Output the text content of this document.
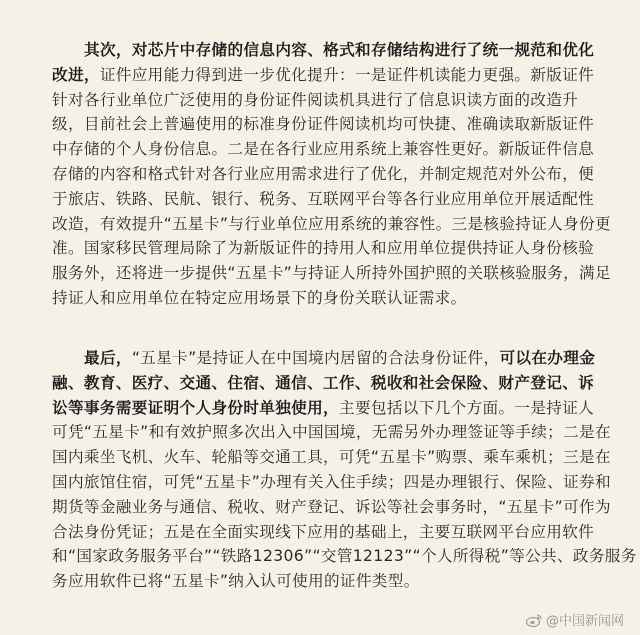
其次，对芯片中存储的信息内容、格式和存储结构进行了统一规范和优化
改进，证件应用能力得到进一步优化提升：一是证件机读能力更强。新版证件
针对各行业单位广泛使用的身份证件阅读机具进行了信息识读方面的改造升
级，目前社会上普遍使用的标准身份证件阅读机均可快捷、准确读取新版证件
中存储的个人身份信息。二是在各行业应用系统上兼容性更好。新版证件信息
存储的内容和格式针对各行业应用需求进行了优化，并制定规范对外公布，便
于旅店、铁路、民航、银行、税务、互联网平台等各行业应用单位开展适配性
改造，有效提升“五星卡”与行业单位应用系统的兼容性。三是核验持证人身份更
准。国家移民管理局除了为新版证件的持用人和应用单位提供持证人身份核验
服务外，还将进一步提供“五星卡”与持证人所持外国护照的关联核验服务，满足
持证人和应用单位在特定应用场景下的身份关联认证需求。
最后，“五星卡”是持证人在中国境内居留的合法身份证件，可以在办理金
融、教育、医疗、交通、住宿、通信、工作、税收和社会保险、财产登记、诉
讼等事务需要证明个人身份时单独使用，主要包括以下几个方面。一是持证人
可凭“五星卡”和有效护照多次出入中国国境，无需另外办理签证等手续；二是在
国内乘坐飞机、火车、轮船等交通工具，可凭“五星卡”购票、乘车乘机；三是在
国内旅馆住宿，可凭“五星卡”办理有关入住手续；四是办理银行、保险、证券和
期货等金融业务与通信、税收、财产登记、诉讼等社会事务时，“五星卡”可作为
合法身份凭证；五是在全面实现线下应用的基础上，主要互联网平台应用软件
和“国家政务服务平台”“铁路12306”“交管12123”“个人所得税”等公共、政务服务
务应用软件已将“五星卡”纳入认可使用的证件类型。
@中国新闻网
